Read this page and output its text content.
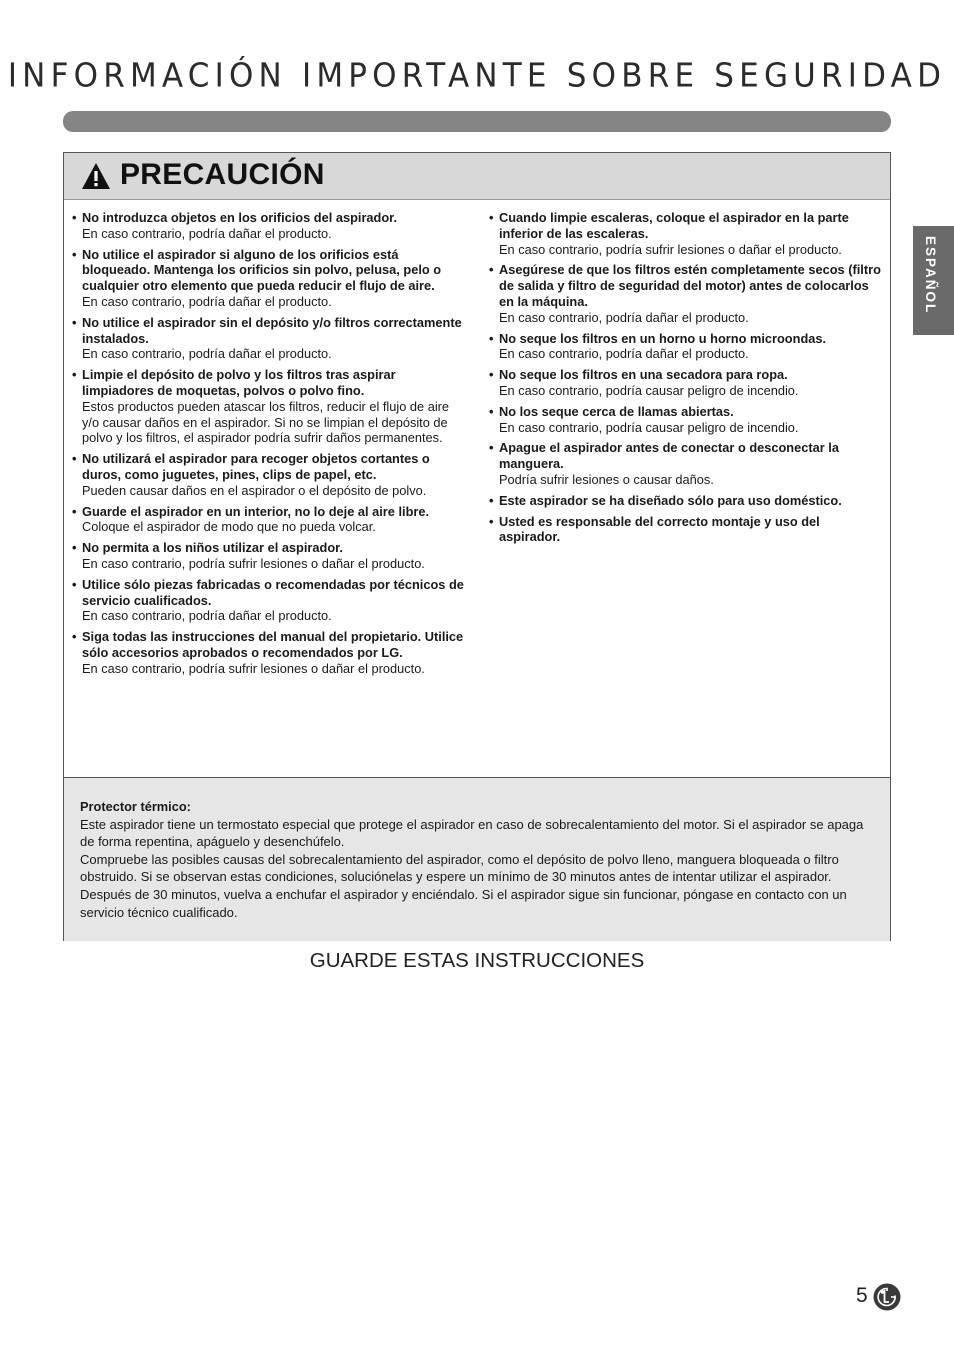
INFORMACIÓN IMPORTANTE SOBRE SEGURIDAD
ESPAÑOL
PRECAUCIÓN
• No introduzca objetos en los orificios del aspirador.
En caso contrario, podría dañar el producto.
• No utilice el aspirador si alguno de los orificios está bloqueado. Mantenga los orificios sin polvo, pelusa, pelo o cualquier otro elemento que pueda reducir el flujo de aire.
En caso contrario, podría dañar el producto.
• No utilice el aspirador sin el depósito y/o filtros correctamente instalados.
En caso contrario, podría dañar el producto.
• Limpie el depósito de polvo y los filtros tras aspirar limpiadores de moquetas, polvos o polvo fino.
Estos productos pueden atascar los filtros, reducir el flujo de aire y/o causar daños en el aspirador. Si no se limpian el depósito de polvo y los filtros, el aspirador podría sufrir daños permanentes.
• No utilizará el aspirador para recoger objetos cortantes o duros, como juguetes, pines, clips de papel, etc.
Pueden causar daños en el aspirador o el depósito de polvo.
• Guarde el aspirador en un interior, no lo deje al aire libre.
Coloque el aspirador de modo que no pueda volcar.
• No permita a los niños utilizar el aspirador.
En caso contrario, podría sufrir lesiones o dañar el producto.
• Utilice sólo piezas fabricadas o recomendadas por técnicos de servicio cualificados.
En caso contrario, podría dañar el producto.
• Siga todas las instrucciones del manual del propietario. Utilice sólo accesorios aprobados o recomendados por LG.
En caso contrario, podría sufrir lesiones o dañar el producto.
• Cuando limpie escaleras, coloque el aspirador en la parte inferior de las escaleras.
En caso contrario, podría sufrir lesiones o dañar el producto.
• Asegúrese de que los filtros estén completamente secos (filtro de salida y filtro de seguridad del motor) antes de colocarlos en la máquina.
En caso contrario, podría dañar el producto.
• No seque los filtros en un horno u horno microondas.
En caso contrario, podría dañar el producto.
• No seque los filtros en una secadora para ropa.
En caso contrario, podría causar peligro de incendio.
• No los seque cerca de llamas abiertas.
En caso contrario, podría causar peligro de incendio.
• Apague el aspirador antes de conectar o desconectar la manguera.
Podría sufrir lesiones o causar daños.
• Este aspirador se ha diseñado sólo para uso doméstico.
• Usted es responsable del correcto montaje y uso del aspirador.
Protector térmico:

Este aspirador tiene un termostato especial que protege el aspirador en caso de sobrecalentamiento del motor. Si el aspirador se apaga de forma repentina, apáguelo y desenchúfelo.

Compruebe las posibles causas del sobrecalentamiento del aspirador, como el depósito de polvo lleno, manguera bloqueada o filtro obstruido. Si se observan estas condiciones, soluciónelas y espere un mínimo de 30 minutos antes de intentar utilizar el aspirador. Después de 30 minutos, vuelva a enchufar el aspirador y enciéndalo. Si el aspirador sigue sin funcionar, póngase en contacto con un servicio técnico cualificado.

GUARDE ESTAS INSTRUCCIONES
5
